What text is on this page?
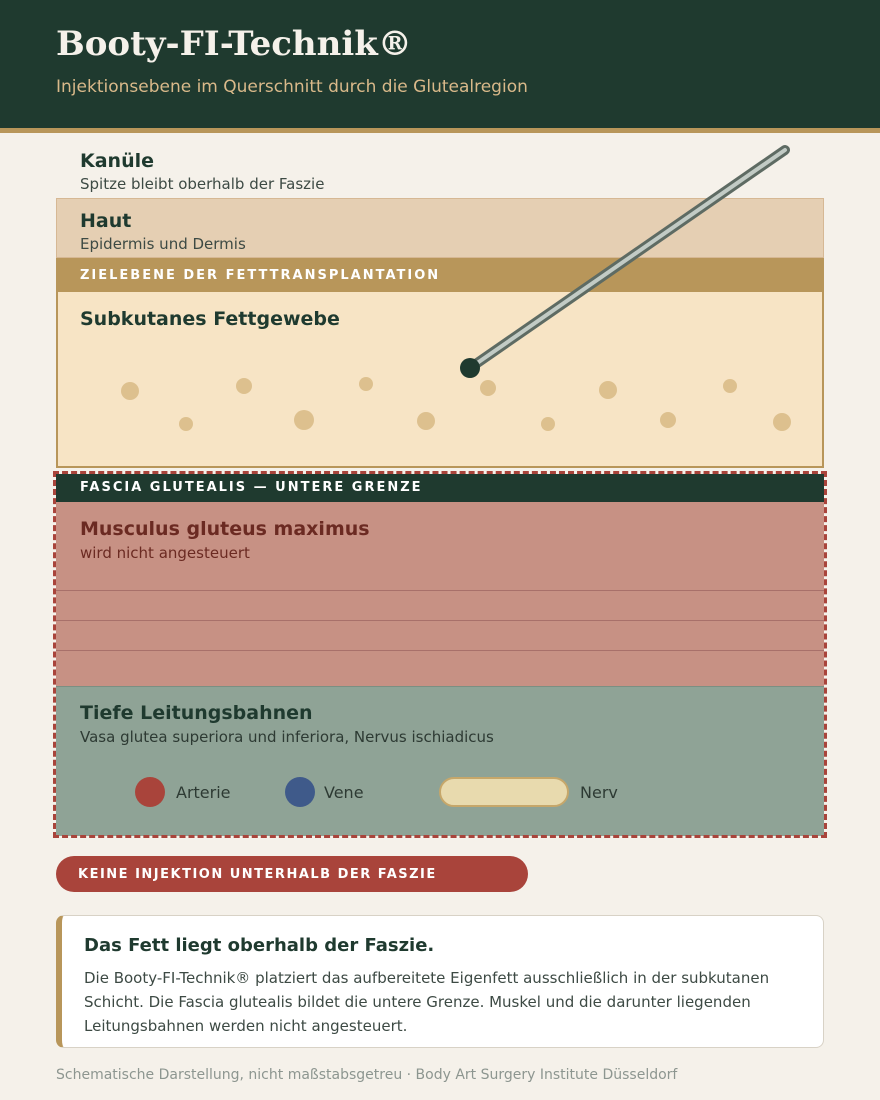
Booty-FI-Technik®
Injektionsebene im Querschnitt durch die Glutealregion
Kanüle
Spitze bleibt oberhalb der Faszie
Haut
Epidermis und Dermis
ZIELEBENE DER FETTTRANSPLANTATION
Subkutanes Fettgewebe
FASCIA GLUTEALIS — UNTERE GRENZE
Musculus gluteus maximus
wird nicht angesteuert
Tiefe Leitungsbahnen
Vasa glutea superiora und inferiora, Nervus ischiadicus
Arterie	Vene	Nerv
KEINE INJEKTION UNTERHALB DER FASZIE
Das Fett liegt oberhalb der Faszie.
Die Booty-FI-Technik® platziert das aufbereitete Eigenfett ausschließlich in der subkutanen Schicht. Die Fascia glutealis bildet die untere Grenze. Muskel und die darunter liegenden Leitungsbahnen werden nicht angesteuert.
Schematische Darstellung, nicht maßstabsgetreu · Body Art Surgery Institute Düsseldorf
